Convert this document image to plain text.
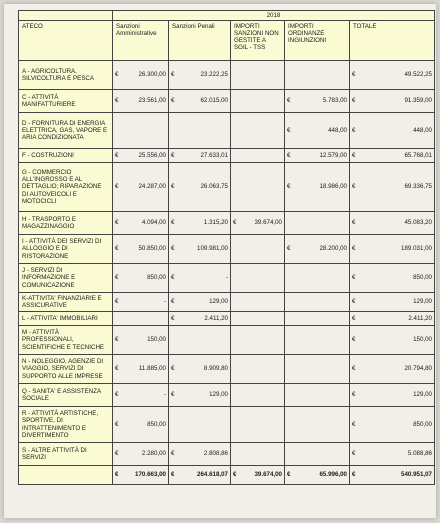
	2018				
ATECO	Sanzioni Amministrative	Sanzioni Penali	IMPORTI SANZIONI NON GESTITE A SGIL - TSS	IMPORTI ORDINANZE INGIUNZIONI	TOTALE
A - AGRICOLTURA, SILVICOLTURA E PESCA	€ 26.300,00	€ 23.222,25			€ 49.522,25

C - ATTIVITÀ MANIFATTURIERE	€ 23.561,00	€ 62.015,00		€ 5.783,00	€ 91.359,00

D - FORNITURA DI ENERGIA ELETTRICA, GAS, VAPORE E ARIA CONDIZIONATA				€ 448,00	€ 448,00

F - COSTRUZIONI	€ 25.556,00	€ 27.633,01		€ 12.579,00	€ 65.768,01

G - COMMERCIO ALL'INGROSSO E AL DETTAGLIO; RIPARAZIONE DI AUTOVEICOLI E MOTOCICLI	€ 24.287,00	€ 26.063,75		€ 18.986,00	€ 69.336,75

H - TRASPORTO E MAGAZZINAGGIO	€ 4.094,00	€ 1.315,20	€ 39.674,00		€ 45.083,20

I - ATTIVITÀ DEI SERVIZI DI ALLOGGIO E DI RISTORAZIONE	€ 50.850,00	€ 109.981,00		€ 28.200,00	€ 189.031,00

J - SERVIZI DI INFORMAZIONE E COMUNICAZIONE	€ 850,00	€ -			€ 850,00

K-ATTIVITA' FINANZIARIE E ASSICURATIVE	€ -	€ 129,00			€ 129,00

L - ATTIVITA' IMMOBILIARI		€ 2.411,20			€ 2.411,20

M - ATTIVITÀ PROFESSIONALI, SCIENTIFICHE E TECNICHE	€ 150,00				€ 150,00

N - NOLEGGIO, AGENZIE DI VIAGGIO, SERVIZI DI SUPPORTO ALLE IMPRESE	€ 11.885,00	€ 8.909,80			€ 20.794,80

Q - SANITA' E ASSISTENZA SOCIALE	€ -	€ 129,00			€ 129,00

R - ATTIVITÀ ARTISTICHE, SPORTIVE, DI INTRATTENIMENTO E DIVERTIMENTO	€ 850,00				€ 850,00

S - ALTRE ATTIVITÀ DI SERVIZI	€ 2.280,00	€ 2.808,86			€ 5.088,86

	€ 170.663,00	€ 264.618,07	€ 39.674,00	€ 65.996,00	€ 540.951,07
